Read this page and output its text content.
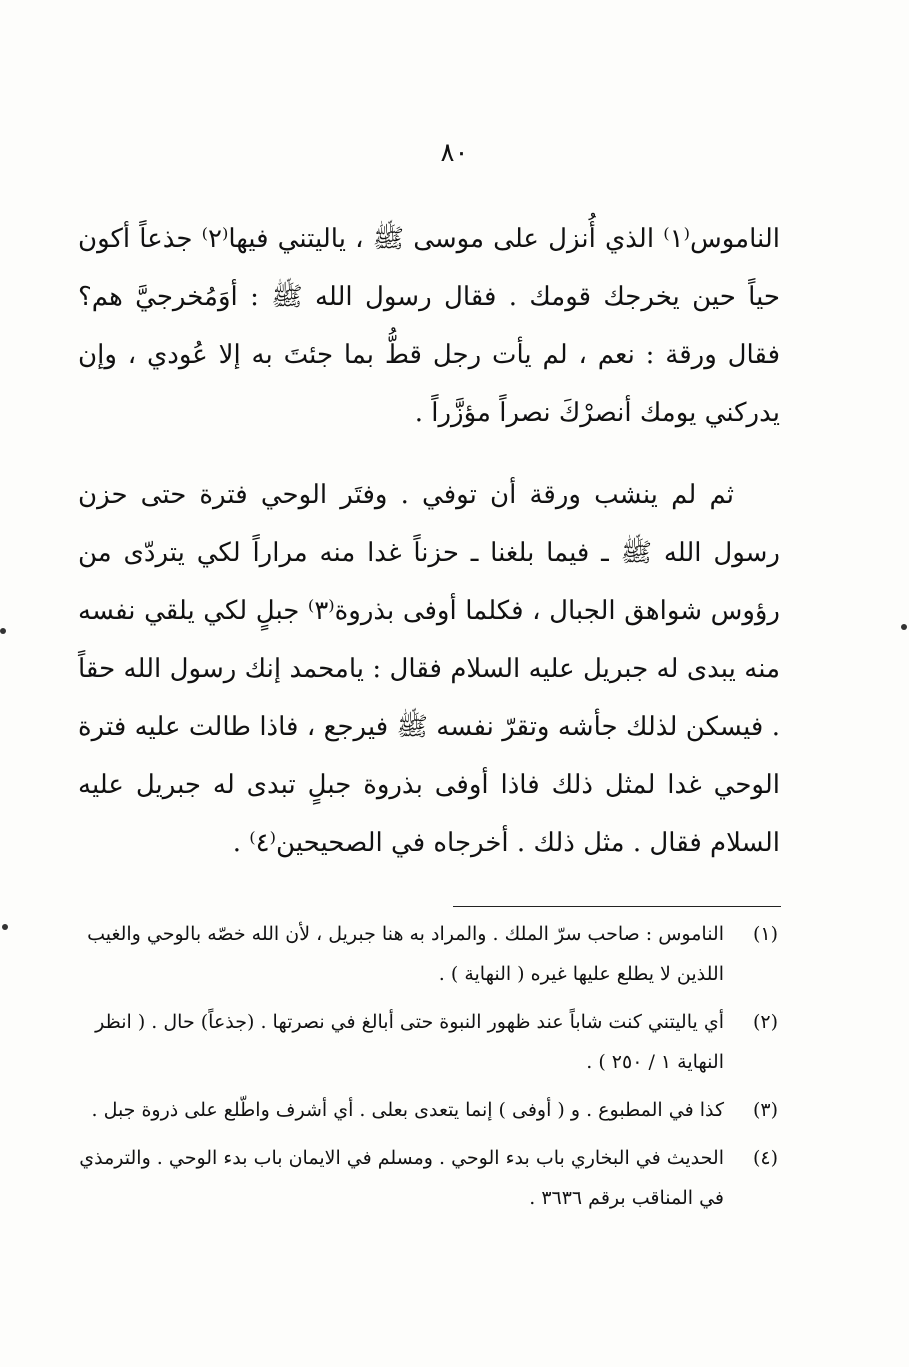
٨٠

الناموس⁽١⁾ الذي أُنزل على موسى ﷺ ، ياليتني فيها⁽٢⁾ جذعاً أكون حياً حين يخرجك قومك . فقال رسول الله ﷺ : أوَمُخرجيَّ هم؟ فقال ورقة : نعم ، لم يأت رجل قطُّ بما جئتَ به إلا عُودي ، وإن يدركني يومك أنصرْكَ نصراً مؤزَّراً .

ثم لم ينشب ورقة أن توفي . وفتَر الوحي فترة حتى حزن رسول الله ﷺ ـ فيما بلغنا ـ حزناً غدا منه مراراً لكي يتردّى من رؤوس شواهق الجبال ، فكلما أوفى بذروة⁽٣⁾ جبلٍ لكي يلقي نفسه منه يبدى له جبريل عليه السلام فقال : يامحمد إنك رسول الله حقاً . فيسكن لذلك جأشه وتقرّ نفسه ﷺ فيرجع ، فاذا طالت عليه فترة الوحي غدا لمثل ذلك فاذا أوفى بذروة جبلٍ تبدى له جبريل عليه السلام فقال . مثل ذلك . أخرجاه في الصحيحين⁽٤⁾ .

(١)
الناموس : صاحب سرّ الملك . والمراد به هنا جبريل ، لأن الله خصّه بالوحي والغيب اللذين لا يطلع عليها غيره ( النهاية ) .
(٢)
أي ياليتني كنت شاباً عند ظهور النبوة حتى أبالغ في نصرتها . (جذعاً) حال . ( انظر النهاية ١ / ٢٥٠ ) .
(٣)
كذا في المطبوع . و ( أوفى ) إنما يتعدى بعلى . أي أشرف واطّلع على ذروة جبل .
(٤)
الحديث في البخاري باب بدء الوحي . ومسلم في الايمان باب بدء الوحي . والترمذي في المناقب برقم ٣٦٣٦ .
